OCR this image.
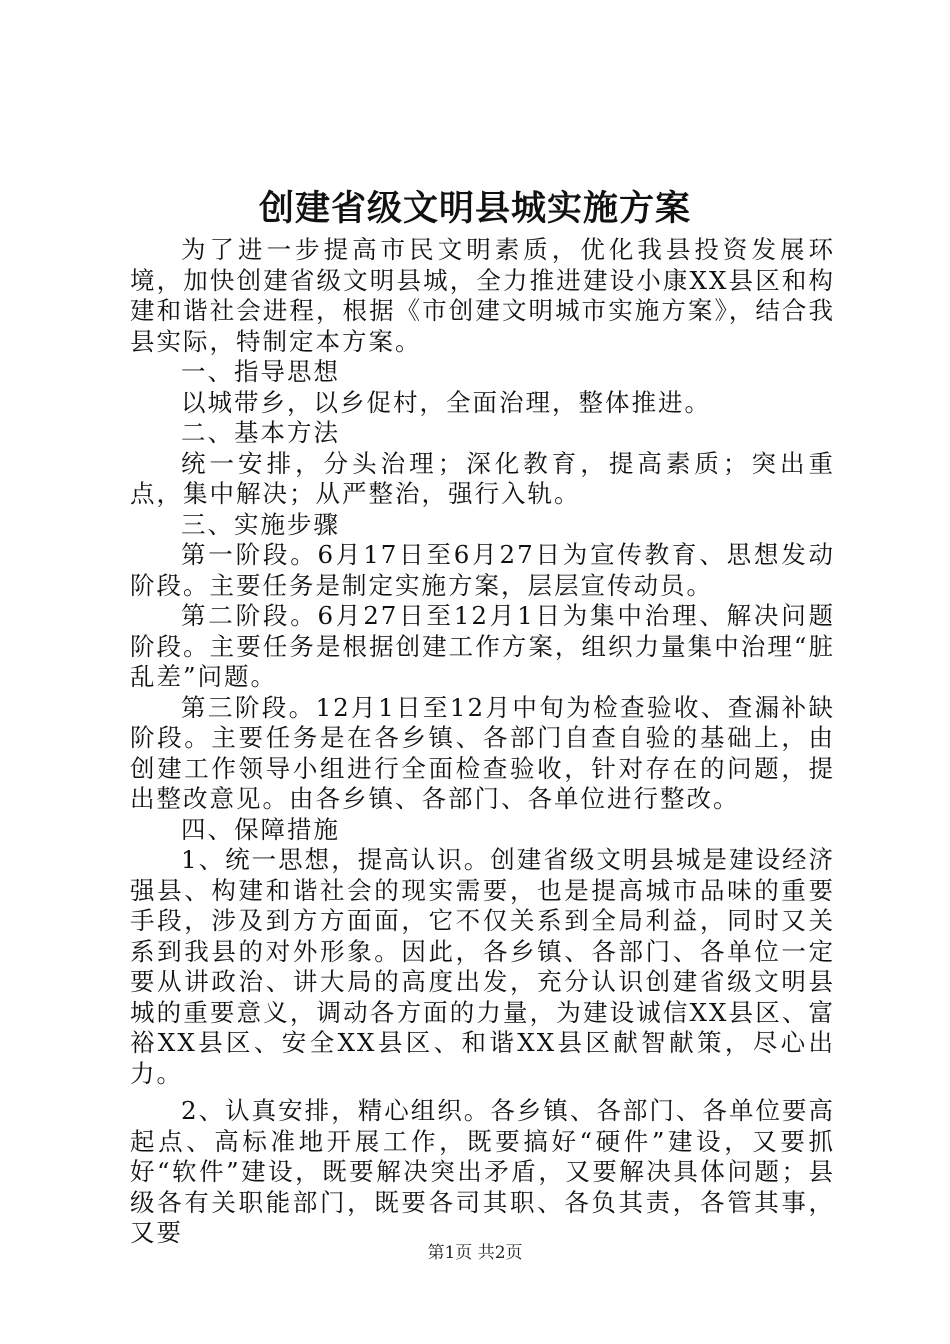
创建省级文明县城实施方案

为了进一步提高市民文明素质，优化我县投资发展环境，加快创建省级文明县城，全力推进建设小康XX县区和构建和谐社会进程，根据《市创建文明城市实施方案》，结合我县实际，特制定本方案。

一、指导思想

以城带乡，以乡促村，全面治理，整体推进。

二、基本方法

统一安排，分头治理；深化教育，提高素质；突出重点，集中解决；从严整治，强行入轨。

三、实施步骤

第一阶段。6月17日至6月27日为宣传教育、思想发动阶段。主要任务是制定实施方案，层层宣传动员。

第二阶段。6月27日至12月1日为集中治理、解决问题阶段。主要任务是根据创建工作方案，组织力量集中治理“脏乱差”问题。

第三阶段。12月1日至12月中旬为检查验收、查漏补缺阶段。主要任务是在各乡镇、各部门自查自验的基础上，由创建工作领导小组进行全面检查验收，针对存在的问题，提出整改意见。由各乡镇、各部门、各单位进行整改。

四、保障措施

1、统一思想，提高认识。创建省级文明县城是建设经济强县、构建和谐社会的现实需要，也是提高城市品味的重要手段，涉及到方方面面，它不仅关系到全局利益，同时又关系到我县的对外形象。因此，各乡镇、各部门、各单位一定要从讲政治、讲大局的高度出发，充分认识创建省级文明县城的重要意义，调动各方面的力量，为建设诚信XX县区、富裕XX县区、安全XX县区、和谐XX县区献智献策，尽心出力。

2、认真安排，精心组织。各乡镇、各部门、各单位要高起点、高标准地开展工作，既要搞好“硬件”建设，又要抓好“软件”建设，既要解决突出矛盾，又要解决具体问题；县级各有关职能部门，既要各司其职、各负其责，各管其事，又要

第1页 共2页
